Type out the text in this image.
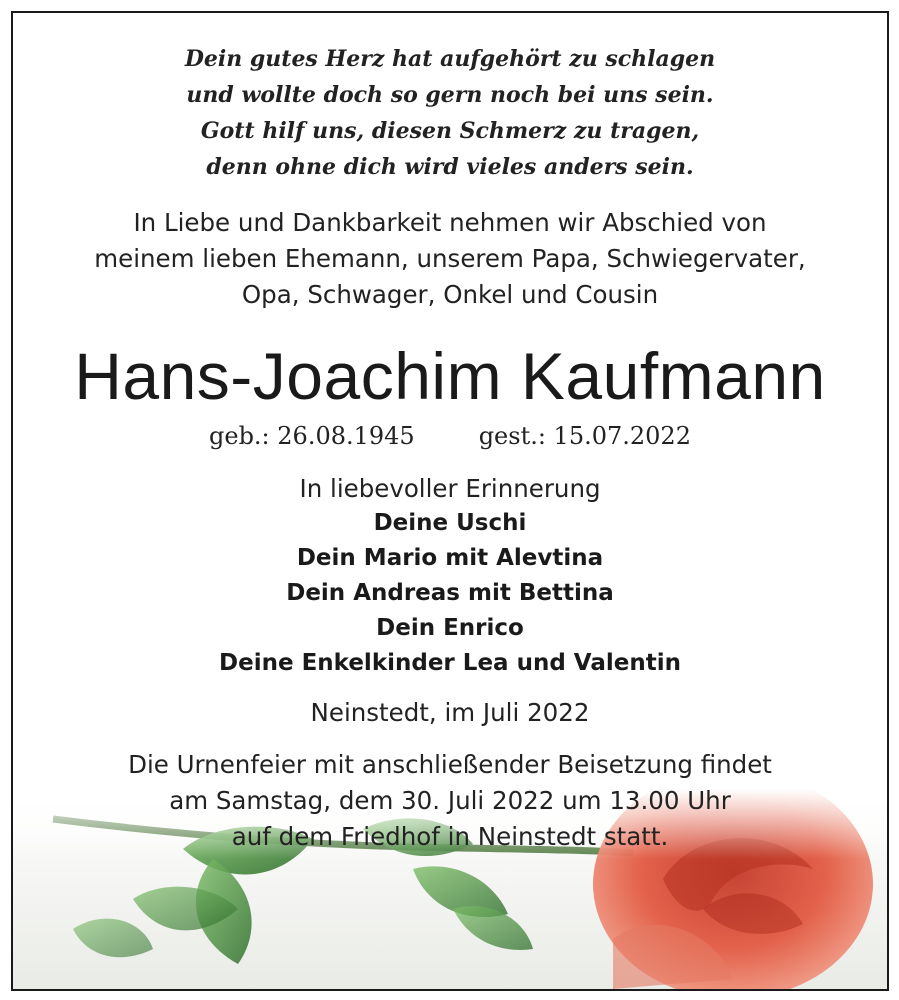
Dein gutes Herz hat aufgehört zu schlagen
und wollte doch so gern noch bei uns sein.
Gott hilf uns, diesen Schmerz zu tragen,
denn ohne dich wird vieles anders sein.
In Liebe und Dankbarkeit nehmen wir Abschied von
meinem lieben Ehemann, unserem Papa, Schwiegervater,
Opa, Schwager, Onkel und Cousin
Hans-Joachim Kaufmann
geb.: 26.08.1945	gest.: 15.07.2022
In liebevoller Erinnerung
Deine Uschi
Dein Mario mit Alevtina
Dein Andreas mit Bettina
Dein Enrico
Deine Enkelkinder Lea und Valentin
Neinstedt, im Juli 2022
Die Urnenfeier mit anschließender Beisetzung findet
am Samstag, dem 30. Juli 2022 um 13.00 Uhr
auf dem Friedhof in Neinstedt statt.
